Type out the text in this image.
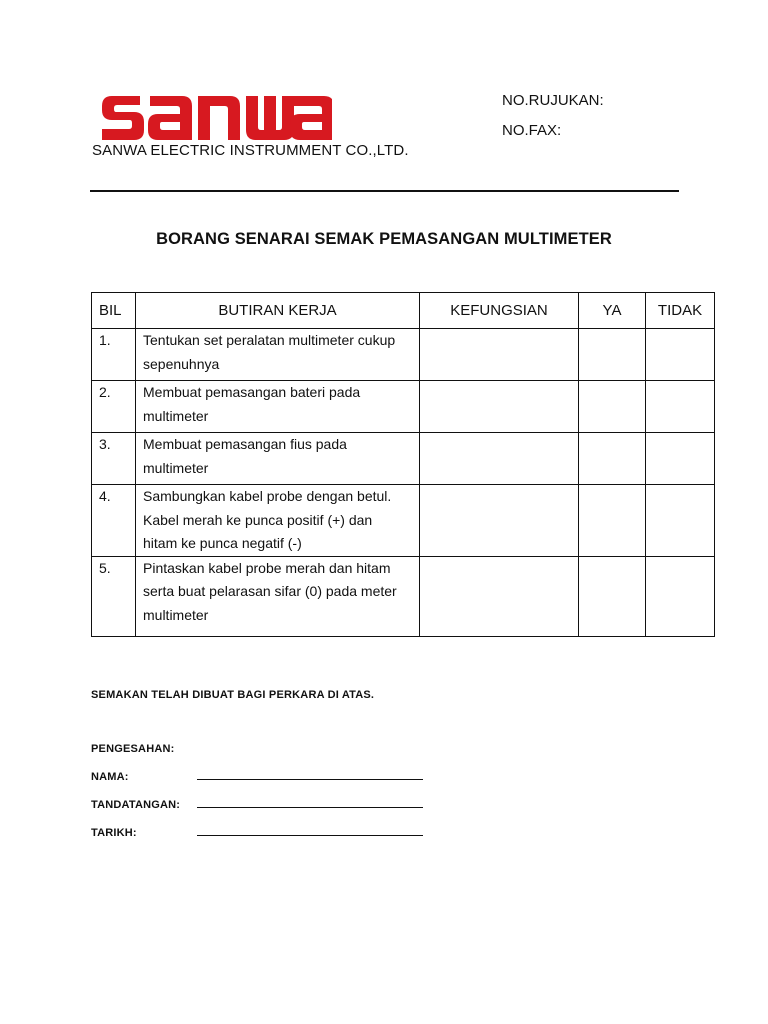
NO.RUJUKAN:
NO.FAX:
SANWA ELECTRIC INSTRUMMENT CO.,LTD.
BORANG SENARAI SEMAK PEMASANGAN MULTIMETER
BIL	BUTIRAN KERJA	KEFUNGSIAN	YA	TIDAK
1.	Tentukan set peralatan multimeter cukup
sepenuhnya			

2.	Membuat pemasangan bateri pada
multimeter			

3.	Membuat pemasangan fius pada
multimeter			

4.	Sambungkan kabel probe dengan betul.
Kabel merah ke punca positif (+) dan
hitam ke punca negatif (-)			

5.	Pintaskan kabel probe merah dan hitam
serta buat pelarasan sifar (0) pada meter
multimeter			

SEMAKAN TELAH DIBUAT BAGI PERKARA DI ATAS.
PENGESAHAN:
NAMA:
TANDATANGAN:
TARIKH:
